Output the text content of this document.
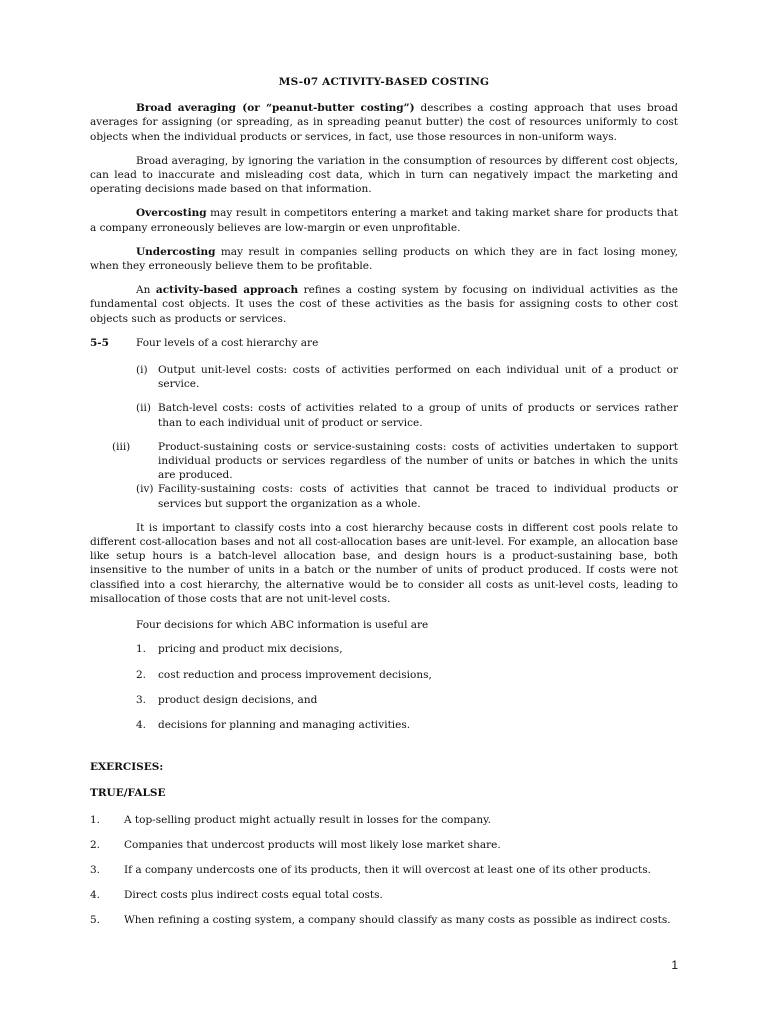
MS-07 ACTIVITY-BASED COSTING

Broad averaging (or “peanut-butter costing”) describes a costing approach that uses broad averages for assigning (or spreading, as in spreading peanut butter) the cost of resources uniformly to cost objects when the individual products or services, in fact, use those resources in non-uniform ways.

Broad averaging, by ignoring the variation in the consumption of resources by different cost objects, can lead to inaccurate and misleading cost data, which in turn can negatively impact the marketing and operating decisions made based on that information.

Overcosting may result in competitors entering a market and taking market share for products that a company erroneously believes are low-margin or even unprofitable.

Undercosting may result in companies selling products on which they are in fact losing money, when they erroneously believe them to be profitable.

An activity-based approach refines a costing system by focusing on individual activities as the fundamental cost objects. It uses the cost of these activities as the basis for assigning costs to other cost objects such as products or services.

5-5	Four levels of a cost hierarchy are
(i) Output unit-level costs: costs of activities performed on each individual unit of a product or service.
(ii) Batch-level costs: costs of activities related to a group of units of products or services rather than to each individual unit of product or service.
(iii)	Product-sustaining costs or service-sustaining costs: costs of activities undertaken to support individual products or services regardless of the number of units or batches in which the units are produced.
(iv) Facility-sustaining costs: costs of activities that cannot be traced to individual products or services but support the organization as a whole.

It is important to classify costs into a cost hierarchy because costs in different cost pools relate to different cost-allocation bases and not all cost-allocation bases are unit-level. For example, an allocation base like setup hours is a batch-level allocation base, and design hours is a product-sustaining base, both insensitive to the number of units in a batch or the number of units of product produced. If costs were not classified into a cost hierarchy, the alternative would be to consider all costs as unit-level costs, leading to misallocation of those costs that are not unit-level costs.

Four decisions for which ABC information is useful are
1.	pricing and product mix decisions,
2.	cost reduction and process improvement decisions,
3.	product design decisions, and
4.	decisions for planning and managing activities.
EXERCISES:
TRUE/FALSE
1.	A top-selling product might actually result in losses for the company.
2.	Companies that undercost products will most likely lose market share.
3.	If a company undercosts one of its products, then it will overcost at least one of its other products.
4.	Direct costs plus indirect costs equal total costs.
5.	When refining a costing system, a company should classify as many costs as possible as indirect costs.
1
